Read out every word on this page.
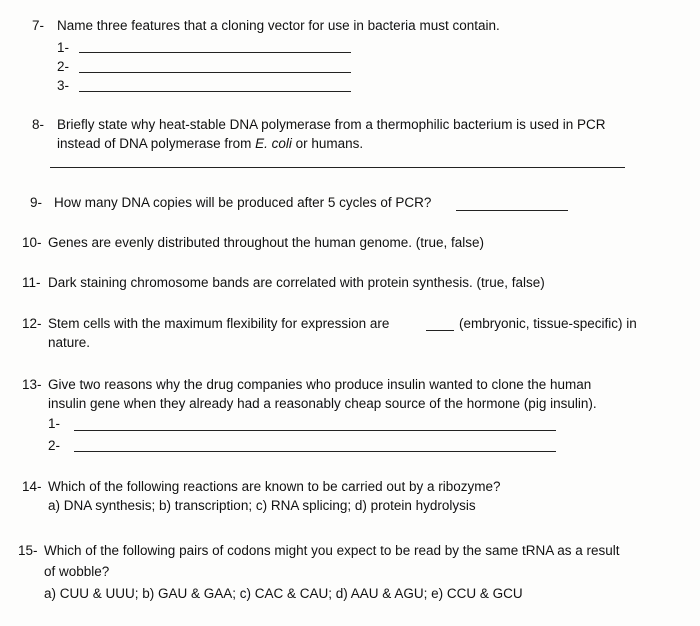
7- Name three features that a cloning vector for use in bacteria must contain.
1-
2-
3-
8- Briefly state why heat-stable DNA polymerase from a thermophilic bacterium is used in PCR
instead of DNA polymerase from E. coli or humans.
9- How many DNA copies will be produced after 5 cycles of PCR?
10- Genes are evenly distributed throughout the human genome. (true, false)
11- Dark staining chromosome bands are correlated with protein synthesis. (true, false)
12- Stem cells with the maximum flexibility for expression are	(embryonic, tissue-specific) in
nature.
13- Give two reasons why the drug companies who produce insulin wanted to clone the human
insulin gene when they already had a reasonably cheap source of the hormone (pig insulin).
1-
2-
14- Which of the following reactions are known to be carried out by a ribozyme?
a) DNA synthesis; b) transcription; c) RNA splicing; d) protein hydrolysis
15- Which of the following pairs of codons might you expect to be read by the same tRNA as a result
of wobble?
a) CUU & UUU; b) GAU & GAA; c) CAC & CAU; d) AAU & AGU; e) CCU & GCU
